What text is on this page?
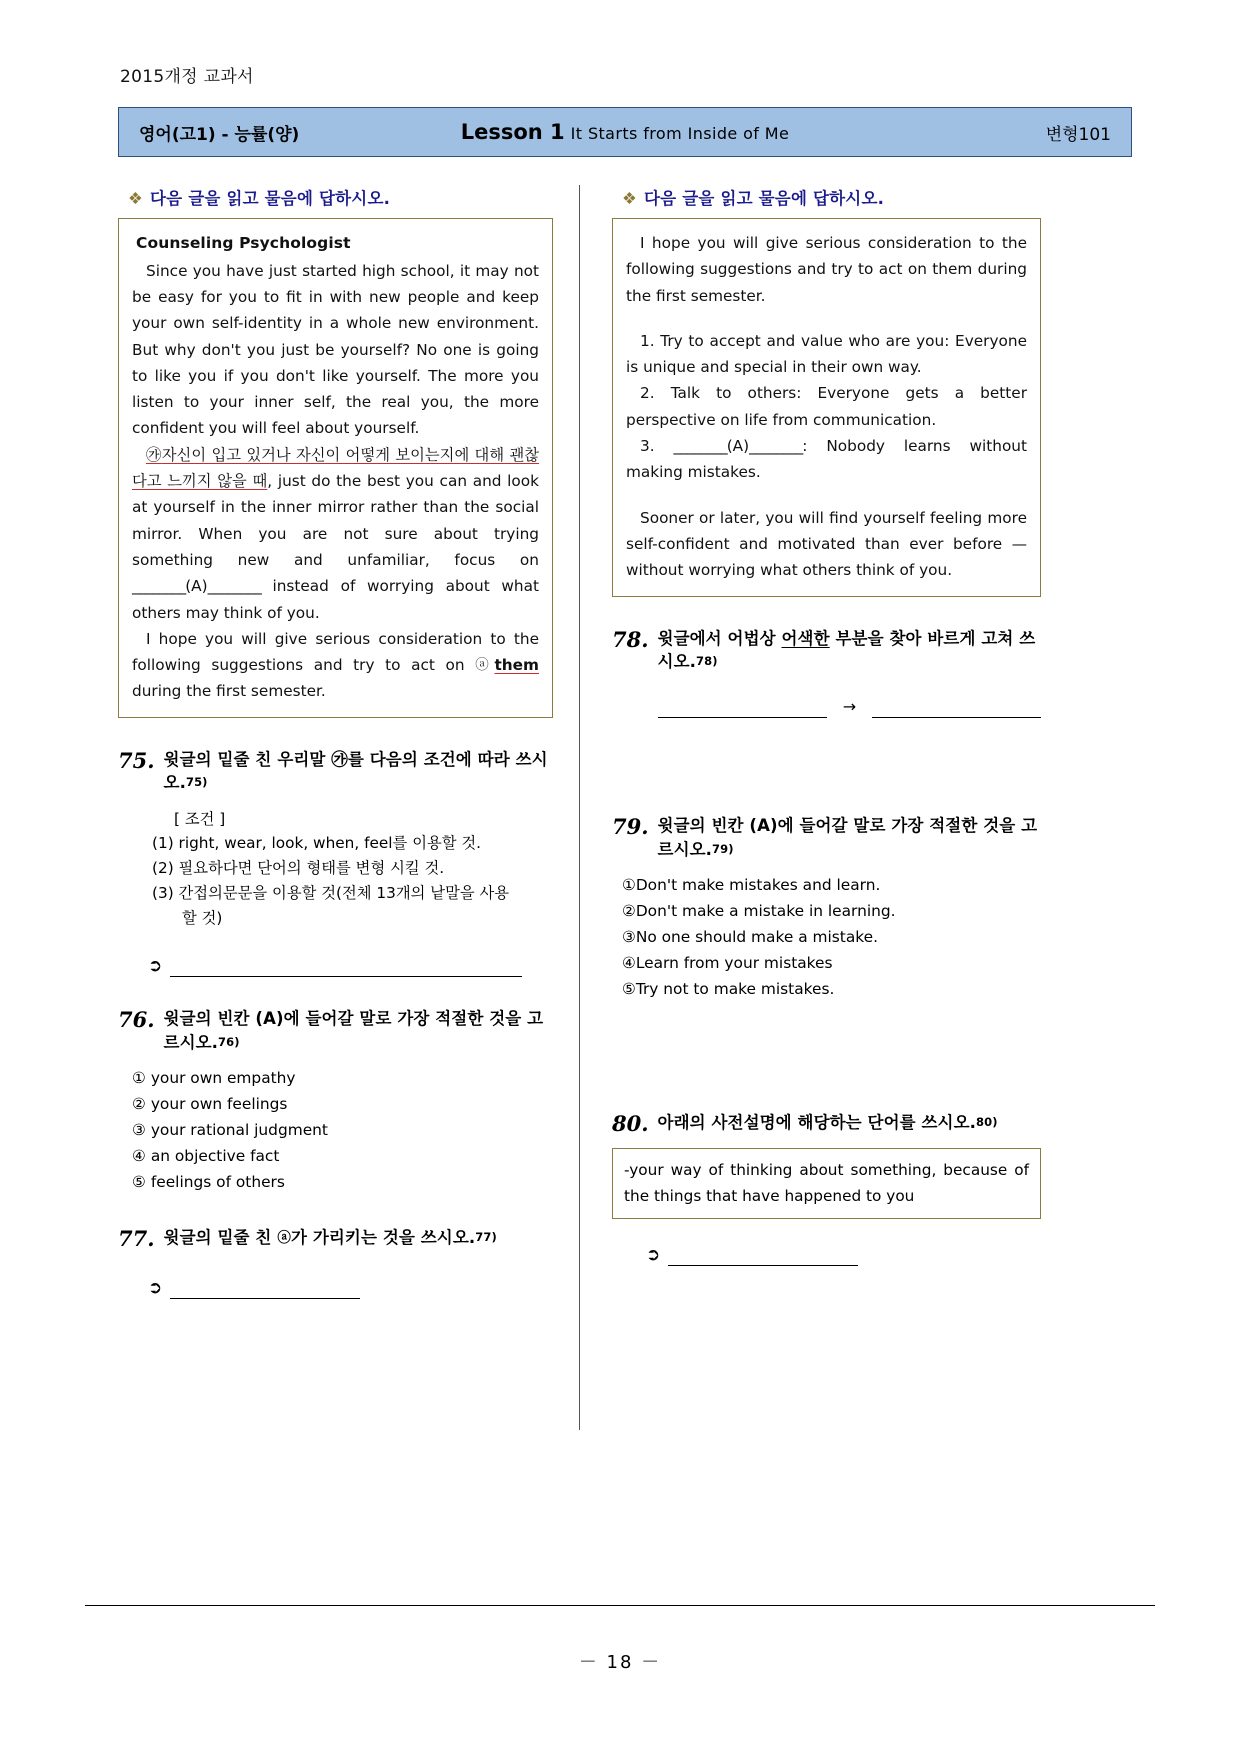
2015개정 교과서
영어(고1) - 능률(양)	Lesson 1 It Starts from Inside of Me	변형101
❖ 다음 글을 읽고 물음에 답하시오.
Counseling Psychologist

Since you have just started high school, it may not be easy for you to fit in with new people and keep your own self-identity in a whole new environment. But why don't you just be yourself? No one is going to like you if you don't like yourself. The more you listen to your inner self, the real you, the more confident you will feel about yourself.

㉮자신이 입고 있거나 자신이 어떻게 보이는지에 대해 괜찮다고 느끼지 않을 때, just do the best you can and look at yourself in the inner mirror rather than the social mirror. When you are not sure about trying something new and unfamiliar, focus on ________(A)________ instead of worrying about what others may think of you.

I hope you will give serious consideration to the following suggestions and try to act on ⓐthem during the first semester.

75. 윗글의 밑줄 친 우리말 ㉮를 다음의 조건에 따라 쓰시오.75)
[ 조건 ]
(1) right, wear, look, when, feel를 이용할 것.
(2) 필요하다면 단어의 형태를 변형 시킬 것.
(3) 간접의문문을 이용할 것(전체 13개의 낱말을 사용
할 것)
➲
76. 윗글의 빈칸 (A)에 들어갈 말로 가장 적절한 것을 고르시오.76)
① your own empathy
② your own feelings
③ your rational judgment
④ an objective fact
⑤ feelings of others
77. 윗글의 밑줄 친 ⓐ가 가리키는 것을 쓰시오.77)
➲
❖ 다음 글을 읽고 물음에 답하시오.

I hope you will give serious consideration to the following suggestions and try to act on them during the first semester.

1. Try to accept and value who are you: Everyone is unique and special in their own way.

2. Talk to others: Everyone gets a better perspective on life from communication.

3. ________(A)________: Nobody learns without making mistakes.

Sooner or later, you will find yourself feeling more self-confident and motivated than ever before — without worrying what others think of you.

78. 윗글에서 어법상 어색한 부분을 찾아 바르게 고쳐 쓰시오.78)
→
79. 윗글의 빈칸 (A)에 들어갈 말로 가장 적절한 것을 고르시오.79)
①Don't make mistakes and learn.
②Don't make a mistake in learning.
③No one should make a mistake.
④Learn from your mistakes
⑤Try not to make mistakes.
80. 아래의 사전설명에 해당하는 단어를 쓰시오.80)
-your way of thinking about something, because of the things that have happened to you
➲
－ 18 －
